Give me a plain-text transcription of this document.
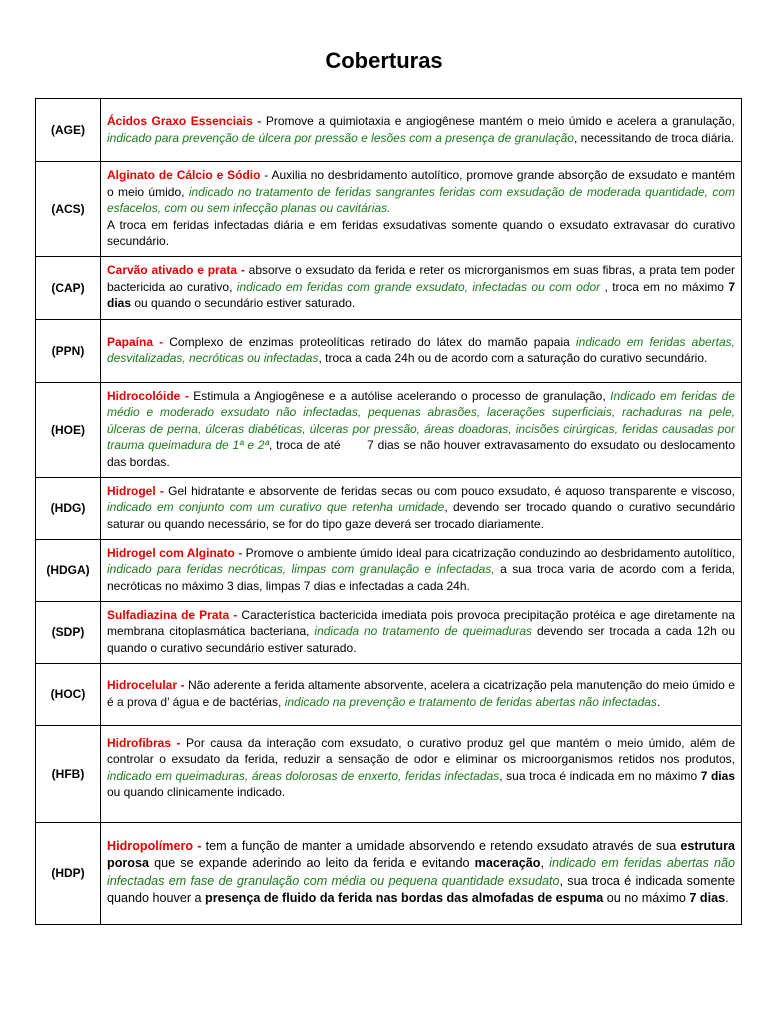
Coberturas
(AGE)	Ácidos Graxo Essenciais - Promove a quimiotaxia e angiogênese mantém o meio úmido e acelera a granulação, indicado para prevenção de úlcera por pressão e lesões com a presença de granulação, necessitando de troca diária.
(ACS)	Alginato de Cálcio e Sódio - Auxilia no desbridamento autolítico, promove grande absorção de exsudato e mantém o meio úmido, indicado no tratamento de feridas sangrantes feridas com exsudação de moderada quantidade, com esfacelos, com ou sem infecção planas ou cavitárias.
A troca em feridas infectadas diária e em feridas exsudativas somente quando o exsudato extravasar do curativo secundário.
(CAP)	Carvão ativado e prata - absorve o exsudato da ferida e reter os microrganismos em suas fibras, a prata tem poder bactericida ao curativo, indicado em feridas com grande exsudato, infectadas ou com odor , troca em no máximo 7 dias ou quando o secundário estiver saturado.
(PPN)	Papaína - Complexo de enzimas proteolíticas retirado do látex do mamão papaia indicado em feridas abertas, desvitalizadas, necróticas ou infectadas, troca a cada 24h ou de acordo com a saturação do curativo secundário.
(HOE)	Hidrocolóide - Estimula a Angiogênese e a autólise acelerando o processo de granulação, Indicado em feridas de médio e moderado exsudato não infectadas, pequenas abrasões, lacerações superficiais, rachaduras na pele, úlceras de perna, úlceras diabéticas, úlceras por pressão, áreas doadoras, incisões cirúrgicas, feridas causadas por trauma queimadura de 1ª e 2ª, troca de até       7 dias se não houver extravasamento do exsudato ou deslocamento das bordas.
(HDG)	Hidrogel - Gel hidratante e absorvente de feridas secas ou com pouco exsudato, é aquoso transparente e viscoso, indicado em conjunto com um curativo que retenha umidade, devendo ser trocado quando o curativo secundário saturar ou quando necessário, se for do tipo gaze deverá ser trocado diariamente.
(HDGA)	Hidrogel com Alginato - Promove o ambiente úmido ideal para cicatrização conduzindo ao desbridamento autolítico, indicado para feridas necróticas, limpas com granulação e infectadas, a sua troca varia de acordo com a ferida, necróticas no máximo 3 dias, limpas 7 dias e infectadas a cada 24h.
(SDP)	Sulfadiazina de Prata - Característica bactericida imediata pois provoca precipitação protéica e age diretamente na membrana citoplasmática bacteriana, indicada no tratamento de queimaduras devendo ser trocada a cada 12h ou quando o curativo secundário estiver saturado.
(HOC)	Hidrocelular - Não aderente a ferida altamente absorvente, acelera a cicatrização pela manutenção do meio úmido e é a prova d’ água e de bactérias, indicado na prevenção e tratamento de feridas abertas não infectadas.
(HFB)	Hidrofibras - Por causa da interação com exsudato, o curativo produz gel que mantém o meio úmido, além de controlar o exsudato da ferida, reduzir a sensação de odor e eliminar os microorganismos retidos nos produtos, indicado em queimaduras, áreas dolorosas de enxerto, feridas infectadas, sua troca é indicada em no máximo 7 dias ou quando clinicamente indicado.
(HDP)	Hidropolímero - tem a função de manter a umidade absorvendo e retendo exsudato através de sua estrutura porosa que se expande aderindo ao leito da ferida e evitando maceração, indicado em feridas abertas não infectadas em fase de granulação com média ou pequena quantidade exsudato, sua troca é indicada somente quando houver a presença de fluido da ferida nas bordas das almofadas de espuma ou no máximo 7 dias.
